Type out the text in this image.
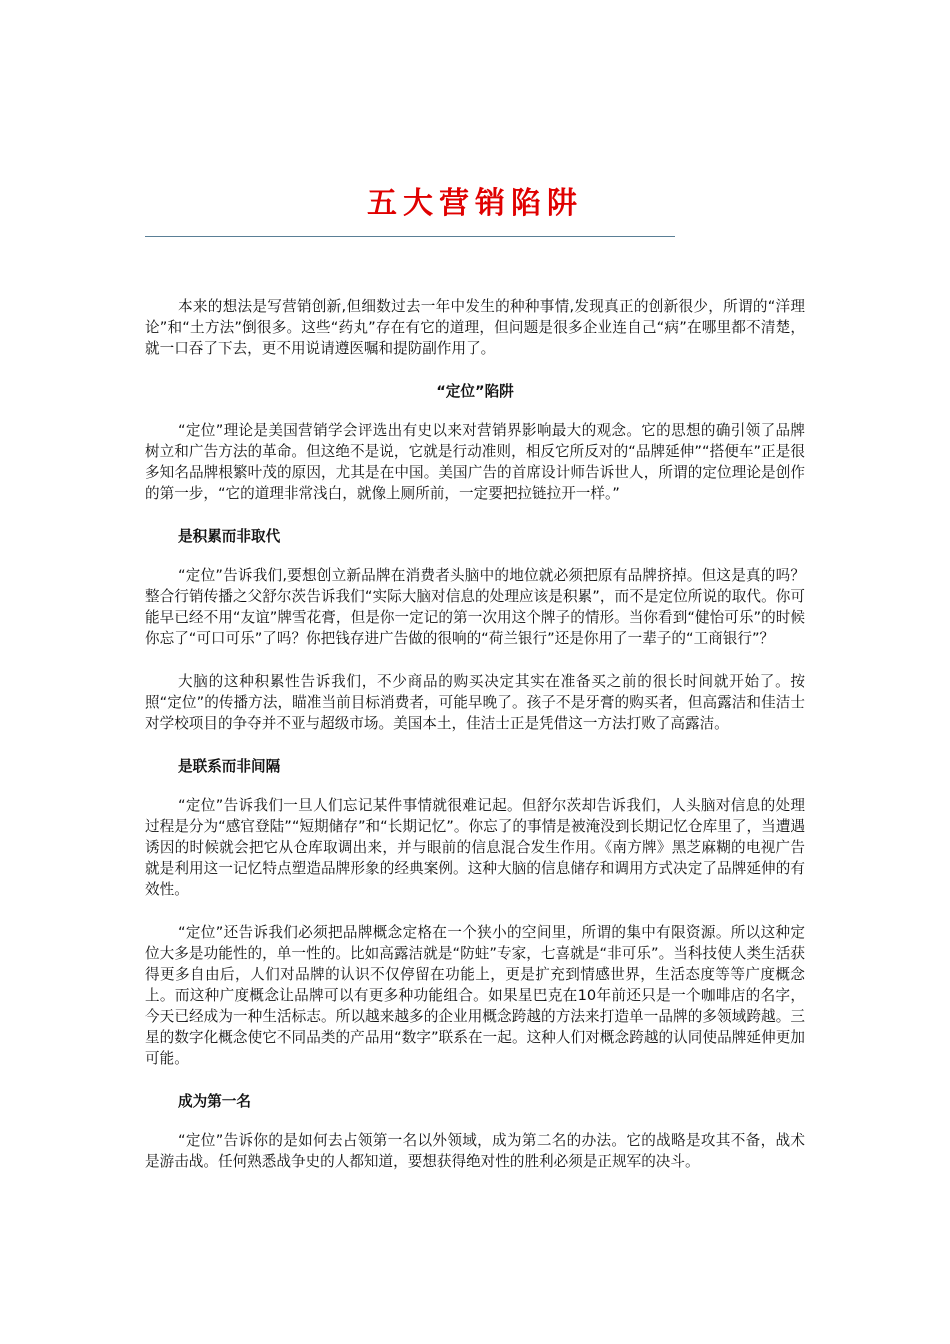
五大营销陷阱

本来的想法是写营销创新,但细数过去一年中发生的种种事情,发现真正的创新很少，所谓的“洋理论”和“土方法”倒很多。这些“药丸”存在有它的道理，但问题是很多企业连自己“病”在哪里都不清楚，就一口吞了下去，更不用说请遵医嘱和提防副作用了。

“定位”陷阱

“定位”理论是美国营销学会评选出有史以来对营销界影响最大的观念。它的思想的确引领了品牌树立和广告方法的革命。但这绝不是说，它就是行动准则，相反它所反对的“品牌延伸”“搭便车”正是很多知名品牌根繁叶茂的原因，尤其是在中国。美国广告的首席设计师告诉世人，所谓的定位理论是创作的第一步，“它的道理非常浅白，就像上厕所前，一定要把拉链拉开一样。”

是积累而非取代

“定位”告诉我们,要想创立新品牌在消费者头脑中的地位就必须把原有品牌挤掉。但这是真的吗？整合行销传播之父舒尔茨告诉我们“实际大脑对信息的处理应该是积累”，而不是定位所说的取代。你可能早已经不用“友谊”牌雪花膏，但是你一定记的第一次用这个牌子的情形。当你看到“健怡可乐”的时候你忘了“可口可乐”了吗？你把钱存进广告做的很响的“荷兰银行”还是你用了一辈子的“工商银行”？

大脑的这种积累性告诉我们，不少商品的购买决定其实在准备买之前的很长时间就开始了。按照“定位”的传播方法，瞄准当前目标消费者，可能早晚了。孩子不是牙膏的购买者，但高露洁和佳洁士对学校项目的争夺并不亚与超级市场。美国本土，佳洁士正是凭借这一方法打败了高露洁。

是联系而非间隔

“定位”告诉我们一旦人们忘记某件事情就很难记起。但舒尔茨却告诉我们，人头脑对信息的处理过程是分为“感官登陆”“短期储存”和“长期记忆”。你忘了的事情是被淹没到长期记忆仓库里了，当遭遇诱因的时候就会把它从仓库取调出来，并与眼前的信息混合发生作用。《南方牌》黑芝麻糊的电视广告就是利用这一记忆特点塑造品牌形象的经典案例。这种大脑的信息储存和调用方式决定了品牌延伸的有效性。

“定位”还告诉我们必须把品牌概念定格在一个狭小的空间里，所谓的集中有限资源。所以这种定位大多是功能性的，单一性的。比如高露洁就是“防蛀”专家，七喜就是“非可乐”。当科技使人类生活获得更多自由后，人们对品牌的认识不仅停留在功能上，更是扩充到情感世界，生活态度等等广度概念上。而这种广度概念让品牌可以有更多种功能组合。如果星巴克在10年前还只是一个咖啡店的名字，今天已经成为一种生活标志。所以越来越多的企业用概念跨越的方法来打造单一品牌的多领域跨越。三星的数字化概念使它不同品类的产品用“数字”联系在一起。这种人们对概念跨越的认同使品牌延伸更加可能。

成为第一名

“定位”告诉你的是如何去占领第一名以外领域，成为第二名的办法。它的战略是攻其不备，战术是游击战。任何熟悉战争史的人都知道，要想获得绝对性的胜利必须是正规军的决斗。
